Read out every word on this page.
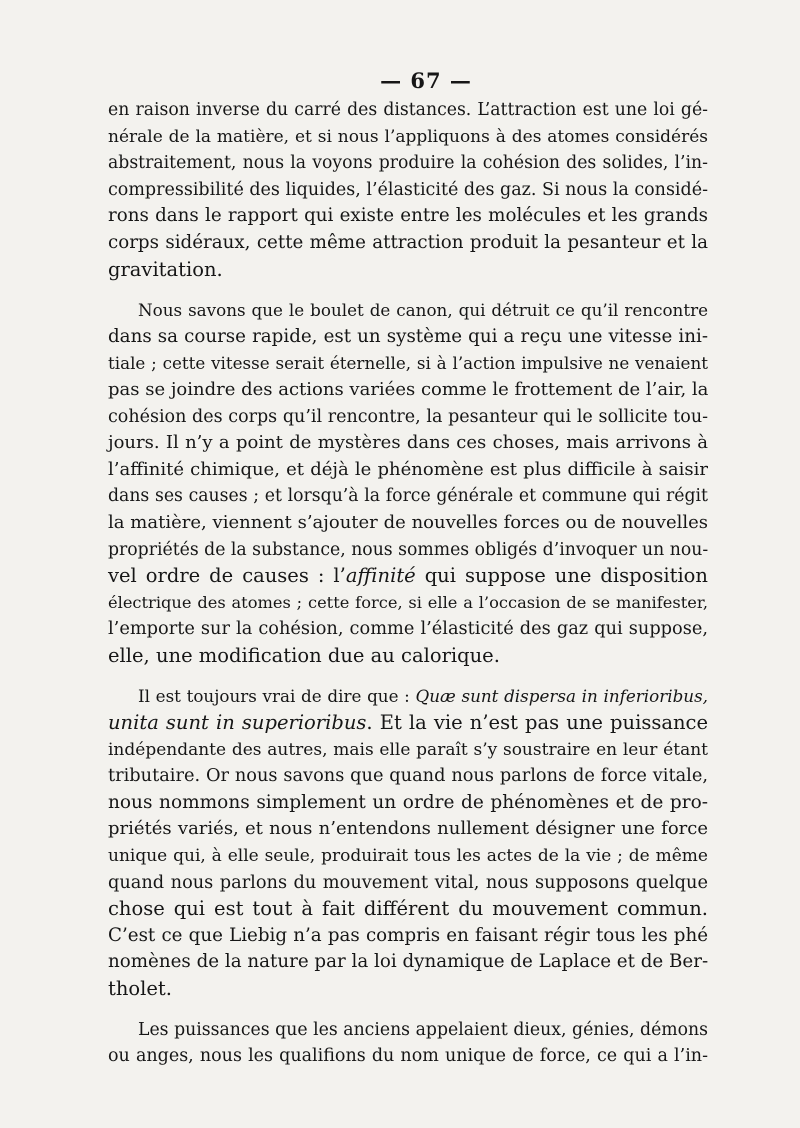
— 67 —

en raison inverse du carré des distances. L’attraction est une loi gé-
nérale de la matière, et si nous l’appliquons à des atomes considérés
abstraitement, nous la voyons produire la cohésion des solides, l’in-
compressibilité des liquides, l’élasticité des gaz. Si nous la considé-
rons dans le rapport qui existe entre les molécules et les grands
corps sidéraux, cette même attraction produit la pesanteur et la
gravitation.

Nous savons que le boulet de canon, qui détruit ce qu’il rencontre
dans sa course rapide, est un système qui a reçu une vitesse ini-
tiale ; cette vitesse serait éternelle, si à l’action impulsive ne venaient
pas se joindre des actions variées comme le frottement de l’air, la
cohésion des corps qu’il rencontre, la pesanteur qui le sollicite tou-
jours. Il n’y a point de mystères dans ces choses, mais arrivons à
l’affinité chimique, et déjà le phénomène est plus difficile à saisir
dans ses causes ; et lorsqu’à la force générale et commune qui régit
la matière, viennent s’ajouter de nouvelles forces ou de nouvelles
propriétés de la substance, nous sommes obligés d’invoquer un nou-
vel ordre de causes : l’affinité qui suppose une disposition
électrique des atomes ; cette force, si elle a l’occasion de se manifester,
l’emporte sur la cohésion, comme l’élasticité des gaz qui suppose,
elle, une modification due au calorique.

Il est toujours vrai de dire que : Quæ sunt dispersa in inferioribus,
unita sunt in superioribus. Et la vie n’est pas une puissance
indépendante des autres, mais elle paraît s’y soustraire en leur étant
tributaire. Or nous savons que quand nous parlons de force vitale,
nous nommons simplement un ordre de phénomènes et de pro-
priétés variés, et nous n’entendons nullement désigner une force
unique qui, à elle seule, produirait tous les actes de la vie ; de même
quand nous parlons du mouvement vital, nous supposons quelque
chose qui est tout à fait différent du mouvement commun.
C’est ce que Liebig n’a pas compris en faisant régir tous les phé
nomènes de la nature par la loi dynamique de Laplace et de Ber-
tholet.

Les puissances que les anciens appelaient dieux, génies, démons
ou anges, nous les qualifions du nom unique de force, ce qui a l’in-
